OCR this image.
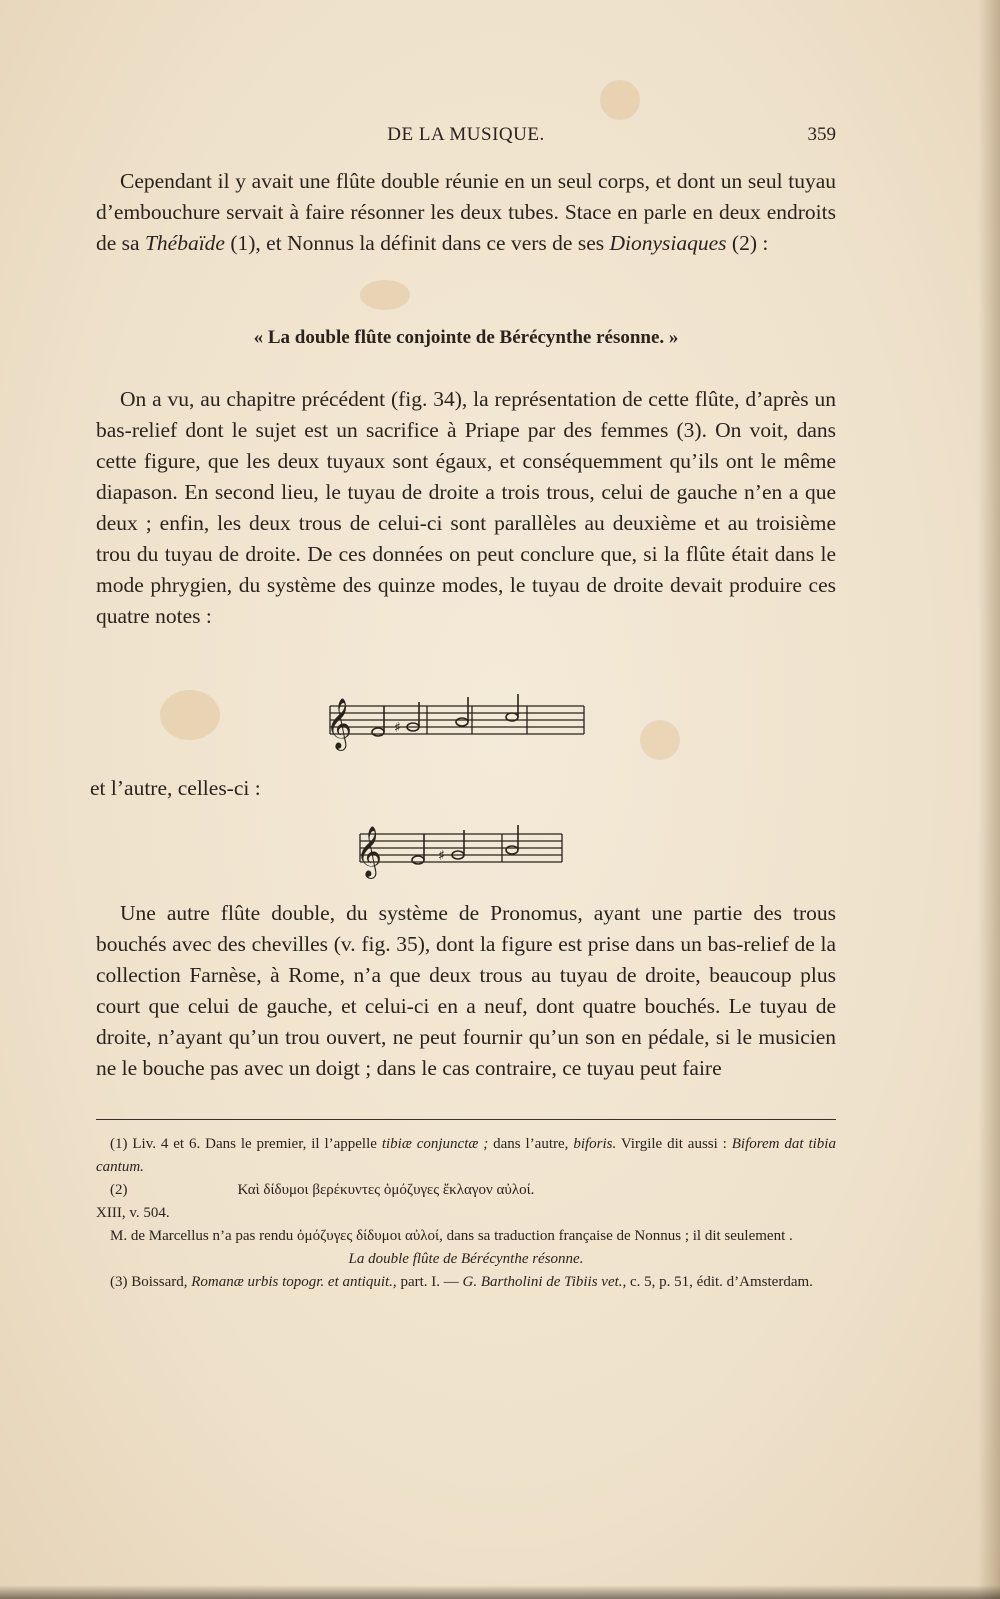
DE LA MUSIQUE.	359
Cependant il y avait une flûte double réunie en un seul corps, et dont un seul tuyau d’embouchure servait à faire résonner les deux tubes. Stace en parle en deux endroits de sa Thébaïde (1), et Nonnus la définit dans ce vers de ses Dionysiaques (2) :
« La double flûte conjointe de Bérécynthe résonne. »
On a vu, au chapitre précédent (fig. 34), la représentation de cette flûte, d’après un bas-relief dont le sujet est un sacrifice à Priape par des femmes (3). On voit, dans cette figure, que les deux tuyaux sont égaux, et conséquemment qu’ils ont le même diapason. En second lieu, le tuyau de droite a trois trous, celui de gauche n’en a que deux ; enfin, les deux trous de celui-ci sont parallèles au deuxième et au troisième trou du tuyau de droite. De ces données on peut conclure que, si la flûte était dans le mode phrygien, du système des quinze modes, le tuyau de droite devait produire ces quatre notes :
𝄞	♯
et l’autre, celles-ci :
𝄞	♯
Une autre flûte double, du système de Pronomus, ayant une partie des trous bouchés avec des chevilles (v. fig. 35), dont la figure est prise dans un bas-relief de la collection Farnèse, à Rome, n’a que deux trous au tuyau de droite, beaucoup plus court que celui de gauche, et celui-ci en a neuf, dont quatre bouchés. Le tuyau de droite, n’ayant qu’un trou ouvert, ne peut fournir qu’un son en pédale, si le musicien ne le bouche pas avec un doigt ; dans le cas contraire, ce tuyau peut faire

(1) Liv. 4 et 6. Dans le premier, il l’appelle tibiæ conjunctæ ; dans l’autre, biforis. Virgile dit aussi : Biforem dat tibia cantum.

(2)	Καὶ δίδυμοι βερέκυντες ὁμόζυγες ἔκλαγον αὐλοί.

XIII, v. 504.

M. de Marcellus n’a pas rendu ὁμόζυγες δίδυμοι αὐλοί, dans sa traduction française de Nonnus ; il dit seulement .

La double flûte de Bérécynthe résonne.

(3) Boissard, Romanæ urbis topogr. et antiquit., part. I. — G. Bartholini de Tibiis vet., c. 5, p. 51, édit. d’Amsterdam.
